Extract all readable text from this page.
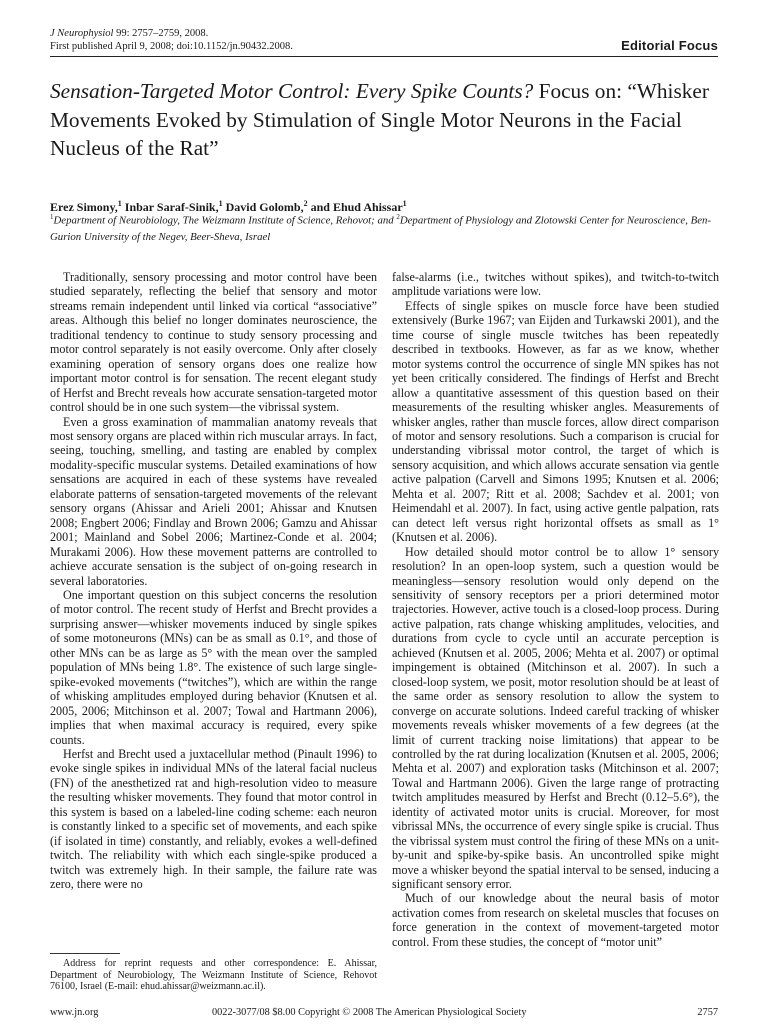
J Neurophysiol 99: 2757–2759, 2008.
First published April 9, 2008; doi:10.1152/jn.90432.2008.	Editorial Focus
Sensation-Targeted Motor Control: Every Spike Counts? Focus on: “Whisker Movements Evoked by Stimulation of Single Motor Neurons in the Facial Nucleus of the Rat”
Erez Simony,$^1$ Inbar Saraf-Sinik,$^1$ David Golomb,$^2$ and Ehud Ahissar$^1$
$^1$Department of Neurobiology, The Weizmann Institute of Science, Rehovot; and $^2$Department of Physiology and Zlotowski Center for Neuroscience, Ben-Gurion University of the Negev, Beer-Sheva, Israel

Traditionally, sensory processing and motor control have been studied separately, reflecting the belief that sensory and motor streams remain independent until linked via cortical “associative” areas. Although this belief no longer dominates neuroscience, the traditional tendency to continue to study sensory processing and motor control separately is not easily overcome. Only after closely examining operation of sensory organs does one realize how important motor control is for sensation. The recent elegant study of Herfst and Brecht reveals how accurate sensation-targeted motor control should be in one such system—the vibrissal system.

Even a gross examination of mammalian anatomy reveals that most sensory organs are placed within rich muscular arrays. In fact, seeing, touching, smelling, and tasting are enabled by complex modality-specific muscular systems. Detailed examinations of how sensations are acquired in each of these systems have revealed elaborate patterns of sensation-targeted movements of the relevant sensory organs (Ahissar and Arieli 2001; Ahissar and Knutsen 2008; Engbert 2006; Findlay and Brown 2006; Gamzu and Ahissar 2001; Mainland and Sobel 2006; Martinez-Conde et al. 2004; Murakami 2006). How these movement patterns are controlled to achieve accurate sensation is the subject of on-going research in several laboratories.

One important question on this subject concerns the resolution of motor control. The recent study of Herfst and Brecht provides a surprising answer—whisker movements induced by single spikes of some motoneurons (MNs) can be as small as 0.1°, and those of other MNs can be as large as 5° with the mean over the sampled population of MNs being 1.8°. The existence of such large single-spike-evoked movements (“twitches”), which are within the range of whisking amplitudes employed during behavior (Knutsen et al. 2005, 2006; Mitchinson et al. 2007; Towal and Hartmann 2006), implies that when maximal accuracy is required, every spike counts.

Herfst and Brecht used a juxtacellular method (Pinault 1996) to evoke single spikes in individual MNs of the lateral facial nucleus (FN) of the anesthetized rat and high-resolution video to measure the resulting whisker movements. They found that motor control in this system is based on a labeled-line coding scheme: each neuron is constantly linked to a specific set of movements, and each spike (if isolated in time) constantly, and reliably, evokes a well-defined twitch. The reliability with which each single-spike produced a twitch was extremely high. In their sample, the failure rate was zero, there were no

false-alarms (i.e., twitches without spikes), and twitch-to-twitch amplitude variations were low.

Effects of single spikes on muscle force have been studied extensively (Burke 1967; van Eijden and Turkawski 2001), and the time course of single muscle twitches has been repeatedly described in textbooks. However, as far as we know, whether motor systems control the occurrence of single MN spikes has not yet been critically considered. The findings of Herfst and Brecht allow a quantitative assessment of this question based on their measurements of the resulting whisker angles. Measurements of whisker angles, rather than muscle forces, allow direct comparison of motor and sensory resolutions. Such a comparison is crucial for understanding vibrissal motor control, the target of which is sensory acquisition, and which allows accurate sensation via gentle active palpation (Carvell and Simons 1995; Knutsen et al. 2006; Mehta et al. 2007; Ritt et al. 2008; Sachdev et al. 2001; von Heimendahl et al. 2007). In fact, using active gentle palpation, rats can detect left versus right horizontal offsets as small as 1° (Knutsen et al. 2006).

How detailed should motor control be to allow 1° sensory resolution? In an open-loop system, such a question would be meaningless—sensory resolution would only depend on the sensitivity of sensory receptors per a priori determined motor trajectories. However, active touch is a closed-loop process. During active palpation, rats change whisking amplitudes, velocities, and durations from cycle to cycle until an accurate perception is achieved (Knutsen et al. 2005, 2006; Mehta et al. 2007) or optimal impingement is obtained (Mitchinson et al. 2007). In such a closed-loop system, we posit, motor resolution should be at least of the same order as sensory resolution to allow the system to converge on accurate solutions. Indeed careful tracking of whisker movements reveals whisker movements of a few degrees (at the limit of current tracking noise limitations) that appear to be controlled by the rat during localization (Knutsen et al. 2005, 2006; Mehta et al. 2007) and exploration tasks (Mitchinson et al. 2007; Towal and Hartmann 2006). Given the large range of protracting twitch amplitudes measured by Herfst and Brecht (0.12–5.6°), the identity of activated motor units is crucial. Moreover, for most vibrissal MNs, the occurrence of every single spike is crucial. Thus the vibrissal system must control the firing of these MNs on a unit-by-unit and spike-by-spike basis. An uncontrolled spike might move a whisker beyond the spatial interval to be sensed, inducing a significant sensory error.

Much of our knowledge about the neural basis of motor activation comes from research on skeletal muscles that focuses on force generation in the context of movement-targeted motor control. From these studies, the concept of “motor unit”

Address for reprint requests and other correspondence: E. Ahissar, Department of Neurobiology, The Weizmann Institute of Science, Rehovot 76100, Israel (E-mail: ehud.ahissar@weizmann.ac.il).

www.jn.org	0022-3077/08 $8.00 Copyright © 2008 The American Physiological Society	2757
